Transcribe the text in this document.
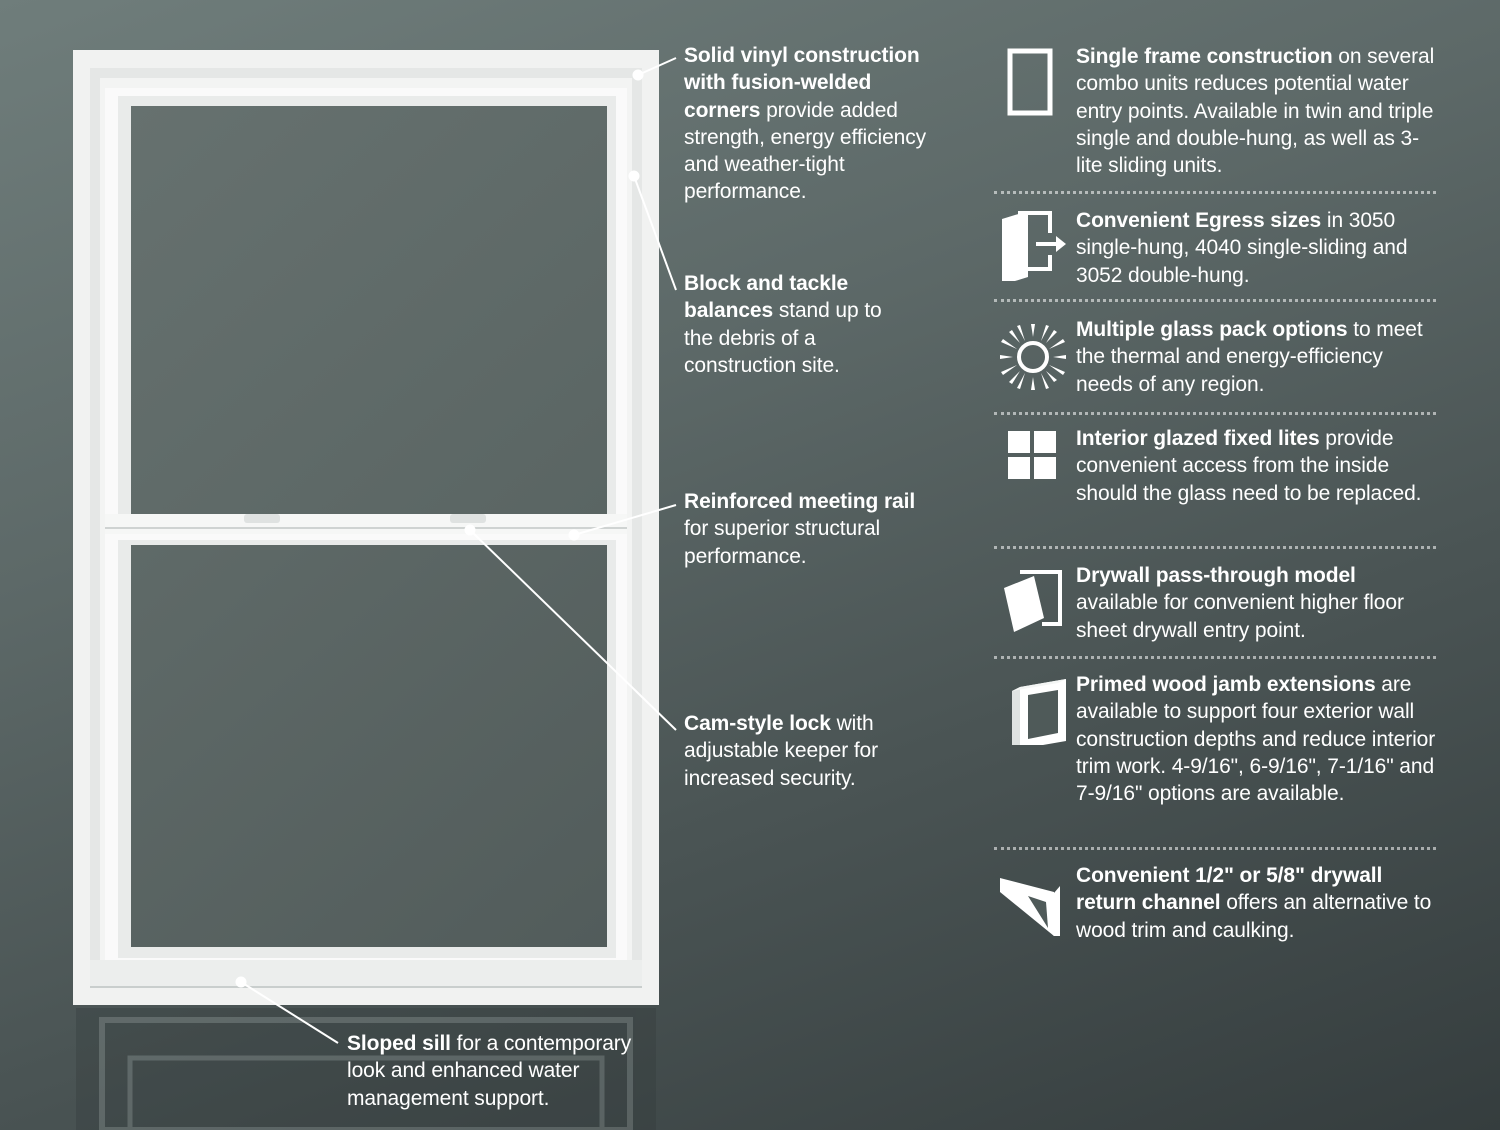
Solid vinyl construction with fusion-welded corners provide added strength, energy efficiency and weather-tight performance.
Block and tackle balances stand up to the debris of a construction site.
Reinforced meeting rail for superior structural performance.
Cam-style lock with adjustable keeper for increased security.
Sloped sill for a contemporary look and enhanced water management support.
Single frame construction on several combo units reduces potential water entry points. Available in twin and triple single and double-hung, as well as 3-lite sliding units.
Convenient Egress sizes in 3050 single-hung, 4040 single-sliding and 3052 double-hung.
Multiple glass pack options to meet the thermal and energy-efficiency needs of any region.
Interior glazed fixed lites provide convenient access from the inside should the glass need to be replaced.
Drywall pass-through model available for convenient higher floor sheet drywall entry point.
Primed wood jamb extensions are available to support four exterior wall construction depths and reduce interior trim work. 4-9/16", 6-9/16", 7-1/16" and 7-9/16" options are available.
Convenient 1/2" or 5/8" drywall return channel offers an alternative to wood trim and caulking.
